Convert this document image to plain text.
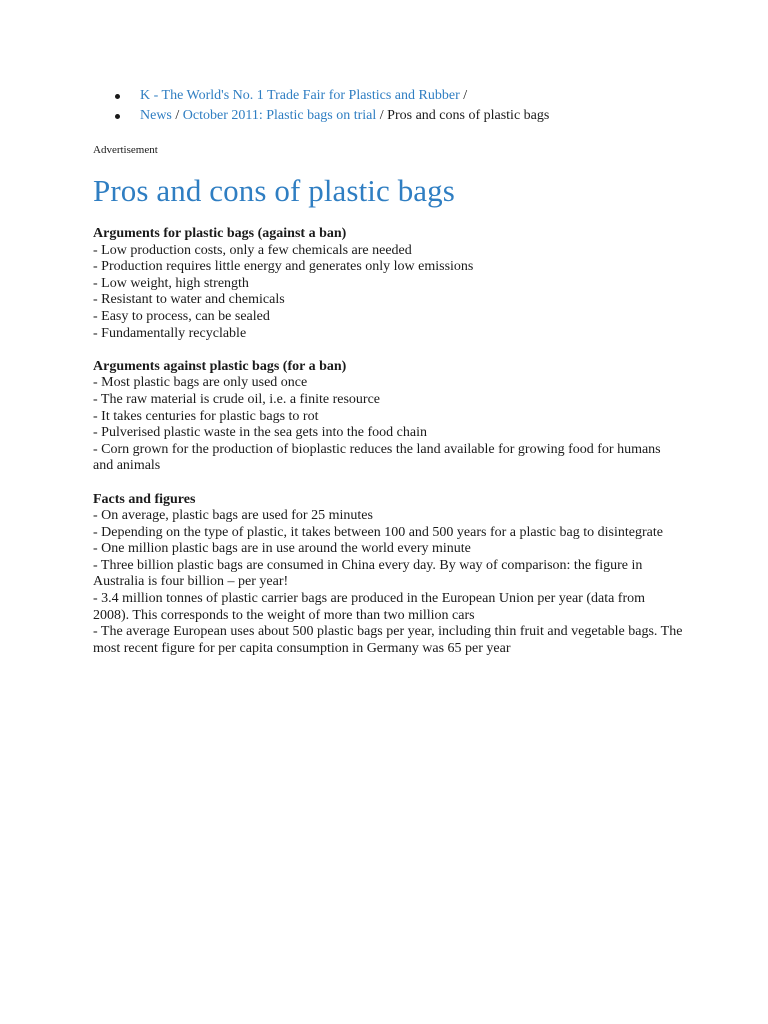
K - The World's No. 1 Trade Fair for Plastics and Rubber /
News / October 2011: Plastic bags on trial / Pros and cons of plastic bags
Advertisement
Pros and cons of plastic bags
Arguments for plastic bags (against a ban)
- Low production costs, only a few chemicals are needed
- Production requires little energy and generates only low emissions
- Low weight, high strength
- Resistant to water and chemicals
- Easy to process, can be sealed
- Fundamentally recyclable
Arguments against plastic bags (for a ban)
- Most plastic bags are only used once
- The raw material is crude oil, i.e. a finite resource
- It takes centuries for plastic bags to rot
- Pulverised plastic waste in the sea gets into the food chain
- Corn grown for the production of bioplastic reduces the land available for growing food for humans and animals
Facts and figures
- On average, plastic bags are used for 25 minutes
- Depending on the type of plastic, it takes between 100 and 500 years for a plastic bag to disintegrate
- One million plastic bags are in use around the world every minute
- Three billion plastic bags are consumed in China every day. By way of comparison: the figure in Australia is four billion – per year!
- 3.4 million tonnes of plastic carrier bags are produced in the European Union per year (data from 2008). This corresponds to the weight of more than two million cars
- The average European uses about 500 plastic bags per year, including thin fruit and vegetable bags. The most recent figure for per capita consumption in Germany was 65 per year
